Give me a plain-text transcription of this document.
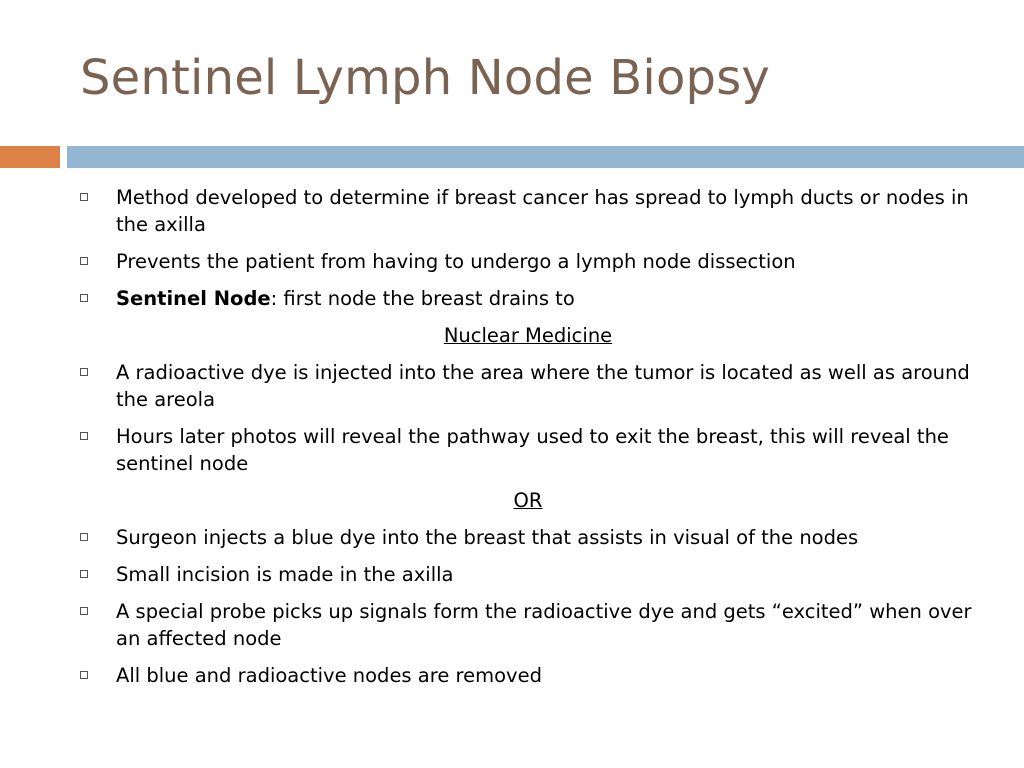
Sentinel Lymph Node Biopsy
Method developed to determine if breast cancer has spread to lymph ducts or nodes in the axilla
Prevents the patient from having to undergo a lymph node dissection
Sentinel Node: first node the breast drains to
Nuclear Medicine
A radioactive dye is injected into the area where the tumor is located as well as around the areola
Hours later photos will reveal the pathway used to exit the breast, this will reveal the sentinel node
OR
Surgeon injects a blue dye into the breast that assists in visual of the nodes
Small incision is made in the axilla
A special probe picks up signals form the radioactive dye and gets “excited” when over an affected node
All blue and radioactive nodes are removed
